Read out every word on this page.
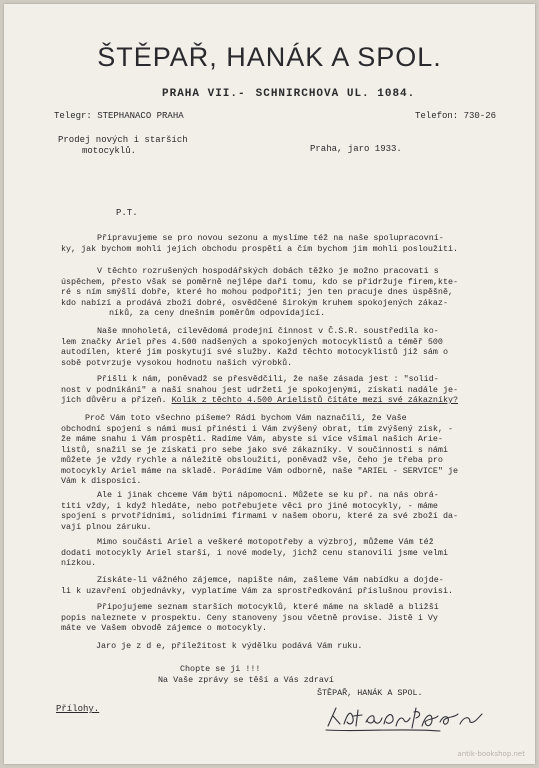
ŠTĚPAŘ, HANÁK A SPOL.
PRAHA VII.- SCHNIRCHOVA UL. 1084.
Telegr: STEPHANACO PRAHA	Telefon: 730-26
Prodej nových i starších
motocyklů.	Praha, jaro 1933.
P.T.
Připravujeme se pro novou sezonu a myslíme též na naše spolupracovní-
ky, jak bychom mohli jejich obchodu prospěti a čím bychom jim mohli posloužiti.
V těchto rozrušených hospodářských dobách těžko je možno pracovati s
úspěchem, přesto však se poměrně nejlépe daří tomu, kdo se přidržuje firem,kte-
ré s ním smýšlí dobře, které ho mohou podpořiti; jen ten pracuje dnes úspěšně,
kdo nabízí a prodává zboží dobré, osvědčené širokým kruhem spokojených zákaz-
níků, za ceny dnešním poměrům odpovídající.
Naše mnoholetá, cílevědomá prodejní činnost v Č.S.R. soustředila ko-
lem značky Ariel přes 4.500 nadšených a spokojených motocyklistů a téměř 500
autodílen, které jim poskytují své služby. Každ těchto motocyklistů již sám o
sobě potvrzuje vysokou hodnotu našich výrobků.
Přišli k nám, poněvadž se přesvědčili, že naše zásada jest : "solid-
nost v podnikání" a naší snahou jest udržeti je spokojenými, získati nadále je-
jich důvěru a přízeň. Kolik z těchto 4.500 Arielistů čítáte mezi své zákazníky?
Proč Vám toto všechno píšeme? Rádi bychom Vám naznačili, že Vaše
obchodní spojení s námi musí přinésti i Vám zvýšený obrat, tím zvýšený zisk, -
že máme snahu i Vám prospěti. Radíme Vám, abyste si více všímal našich Arie-
listů, snažil se je získati pro sebe jako své zákazníky. V součinnosti s námi
můžete je vždy rychle a náležitě obsloužiti, poněvadž vše, čeho je třeba pro
motocykly Ariel máme na skladě. Porádíme Vám odborně, naše "ARIEL - SERVICE" je
Vám k disposici.
Ale i jinak chceme Vám býti nápomocni. Můžete se ku př. na nás obrá-
titi vždy, i když hledáte, nebo potřebujete věci pro jiné motocykly, - máme
spojení s prvotřídními, solidními firmami v našem oboru, které za své zboží da-
vají plnou záruku.
Mimo součásti Ariel a veškeré motopotřeby a výzbroj, můžeme Vám též
dodati motocykly Ariel starší, i nové modely, jichž cenu stanovili jsme velmi
nízkou.
Získáte-li vážného zájemce, napište nám, zašleme Vám nabídku a dojde-
li k uzavření objednávky, vyplatíme Vám za sprostředkování příslušnou provisi.
Připojujeme seznam starších motocyklů, které máme na skladě a bližší
popis naleznete v prospektu. Ceny stanoveny jsou včetně provise. Jistě i Vy
máte ve Vašem obvodě zájemce o motocykly.
Jaro je z d e, příležitost k výdělku podává Vám ruku.
Chopte se ji !!!
Na Vaše zprávy se těší a Vás zdraví
ŠTĚPAŘ, HANÁK A SPOL.
Přílohy.
antik-bookshop.net
